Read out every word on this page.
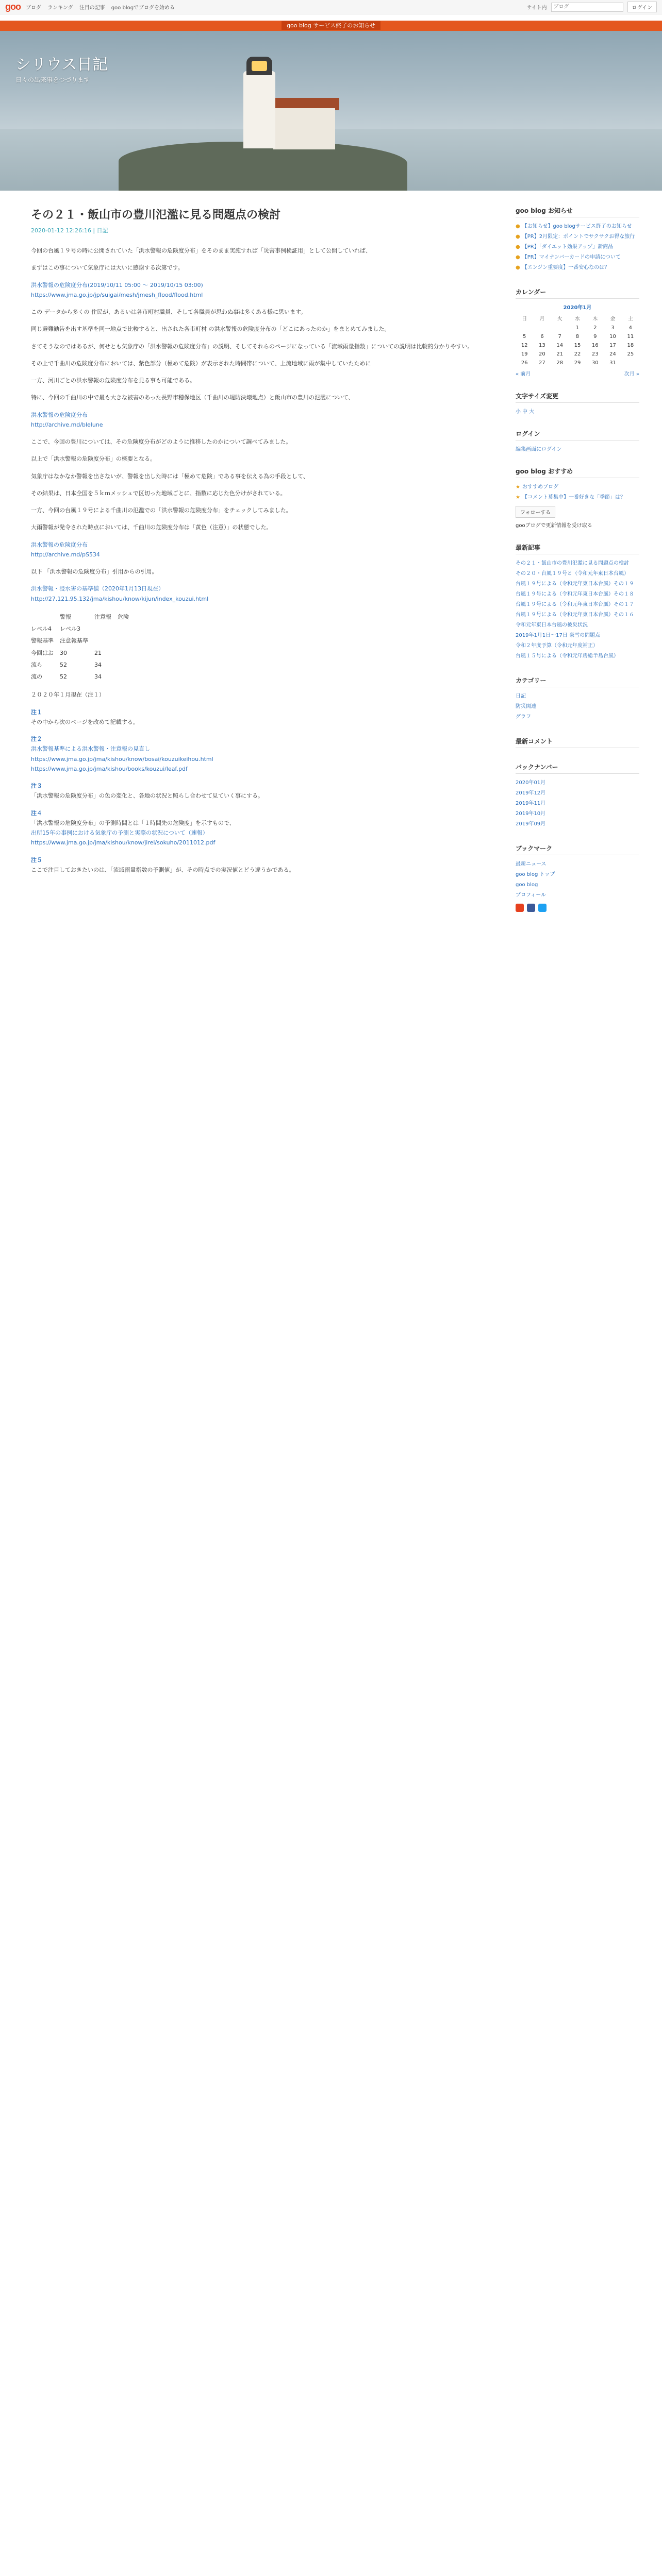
goo ブログ ランキング 注目の記事 goo blogでブログを始める	サイト内
ブログ	ログイン
goo blog サービス終了のお知らせ
シリウス日記
日々の出来事をつづります
その２１・飯山市の豊川氾濫に見る問題点の検討
2020-01-12 12:26:16 | 日記

今回の台風１９号の時に公開されていた「洪水警報の危険度分布」をそのまま実施すれば「災害事例検証用」として公開していれば、

まずはこの事について気象庁には大いに感謝する次第です。

洪水警報の危険度分布(2019/10/11 05:00 ～ 2019/10/15 03:00)
https://www.jma.go.jp/jp/suigai/mesh/jmesh_flood/flood.html

この データから多くの 住民が、あるいは各市町村職員、そして各職員が思わぬ事は多くある様に思います。

同じ避難勧告を出す基準を同一地点で比較すると、出された各市町村 の洪水警報の危険度分布の「どこにあったのか」をまとめてみました。

さてそうなのではあるが、何せとも気象庁の「洪水警報の危険度分布」の説明、そしてそれらのページになっている「流域雨量指数」についての説明は比較的分かりやすい。

その上で千曲川の危険度分布においては、紫色部分（極めて危険）が表示された時間帯について、上流地域に雨が集中していたために

一方、河川ごとの洪水警報の危険度分布を見る事も可能である。

特に、今回の千曲川の中で最も大きな被害のあった長野市穂保地区（千曲川の堤防決壊地点）と飯山市の豊川の氾濫について、

洪水警報の危険度分布
http://archive.md/blelune

ここで、今回の豊川については、その危険度分布がどのように推移したのかについて調べてみました。

以上で「洪水警報の危険度分布」の概要となる。

気象庁はなかなか警報を出さないが、警報を出した時には「極めて危険」である事を伝える為の手段として、

その結果は、日本全国を５ｋｍメッシュで区切った地域ごとに、指数に応じた色分けがされている。

一方、今回の台風１９号による千曲川の氾濫での「洪水警報の危険度分布」をチェックしてみました。

大雨警報が発令された時点においては、千曲川の危険度分布は「黄色（注意）」の状態でした。

洪水警報の危険度分布
http://archive.md/pS534

以下 「洪水警報の危険度分布」引用からの引用。

洪水警報・浸水害の基準値（2020年1月13日現在）
http://27.121.95.132/jma/kishou/know/kijun/index_kouzui.html

	警報	注意報	危険
レベル4	レベル3		
警報基準	注意報基準		
今回はお	30	21	
流ら	52	34	
流の	52	34	

２０２０年１月現在（注１）

注１
その中から次のページを改めて記載する。

注２
洪水警報基準による洪水警報・注意報の見直し
https://www.jma.go.jp/jma/kishou/know/bosai/kouzuikeihou.html
https://www.jma.go.jp/jma/kishou/books/kouzui/leaf.pdf

注３
「洪水警報の危険度分布」の色の変化と、各地の状況と照らし合わせて見ていく事にする。

注４
「洪水警報の危険度分布」の予測時間とは「１時間先の危険度」を示すもので、
出所15年の事例における気象庁の予測と実際の状況について（速報）
https://www.jma.go.jp/jma/kishou/know/jirei/sokuho/2011012.pdf

注５
ここで注目しておきたいのは、「流域雨量指数の予測値」が、その時点での実況値とどう違うかである。

goo blog お知らせ
● 【お知らせ】goo blogサービス終了のお知らせ
● 【PR】2月限定：ポイントでサクサクお得な旅行
● 【PR】「ダイエット効果アップ」新商品
● 【PR】マイナンバーカードの申請について
● 【エンジン重要度】一番安心なのは？
カレンダー
2020年1月
日	月	火	水	木	金	土
			1	2	3	4
5	6	7	8	9	10	11
12	13	14	15	16	17	18
19	20	21	22	23	24	25
26	27	28	29	30	31	
« 前月	次月 »
文字サイズ変更
小 中 大
ログイン
編集画面にログイン
goo blog おすすめ
★ おすすめブログ
★ 【コメント募集中】一番好きな「季節」は？
フォローする
gooブログで更新情報を受け取る
最新記事
その２１・飯山市の豊川氾濫に見る問題点の検討
その２０・台風１９号と（令和元年東日本台風）
台風１９号による（令和元年東日本台風）その１９
台風１９号による（令和元年東日本台風）その１８
台風１９号による（令和元年東日本台風）その１７
台風１９号による（令和元年東日本台風）その１６
令和元年東日本台風の被災状況
2019年1月1日～17日 豪雪の問題点
令和２年度予算（令和元年度補正）
台風１５号による（令和元年房総半島台風）
カテゴリー
日記
防災関連
グラフ
最新コメント
バックナンバー
2020年01月
2019年12月
2019年11月
2019年10月
2019年09月
ブックマーク
最新ニュース
goo blog トップ
goo blog
プロフィール
